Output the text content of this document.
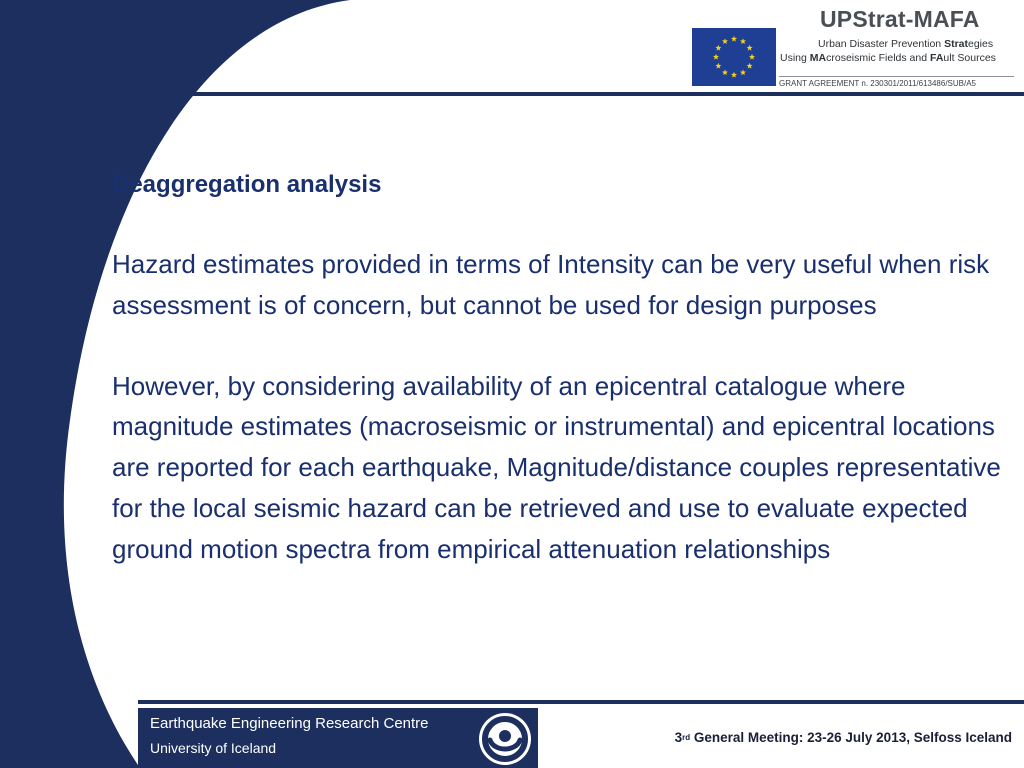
UPStrat-MAFA
Urban Disaster Prevention Strategies
Using MAcroseismic Fields and FAult Sources
GRANT AGREEMENT n. 230301/2011/613486/SUB/A5
Deaggregation analysis

Hazard estimates provided in terms of Intensity can be very useful when risk assessment is of concern, but cannot be used for design purposes

However, by considering availability of an epicentral catalogue where magnitude estimates (macroseismic or instrumental) and epicentral locations are reported for each earthquake, Magnitude/distance couples representative for the local seismic hazard can be retrieved and use to evaluate expected ground motion spectra from empirical attenuation relationships

Earthquake Engineering Research Centre
University of Iceland
3rd General Meeting: 23-26 July 2013, Selfoss Iceland
